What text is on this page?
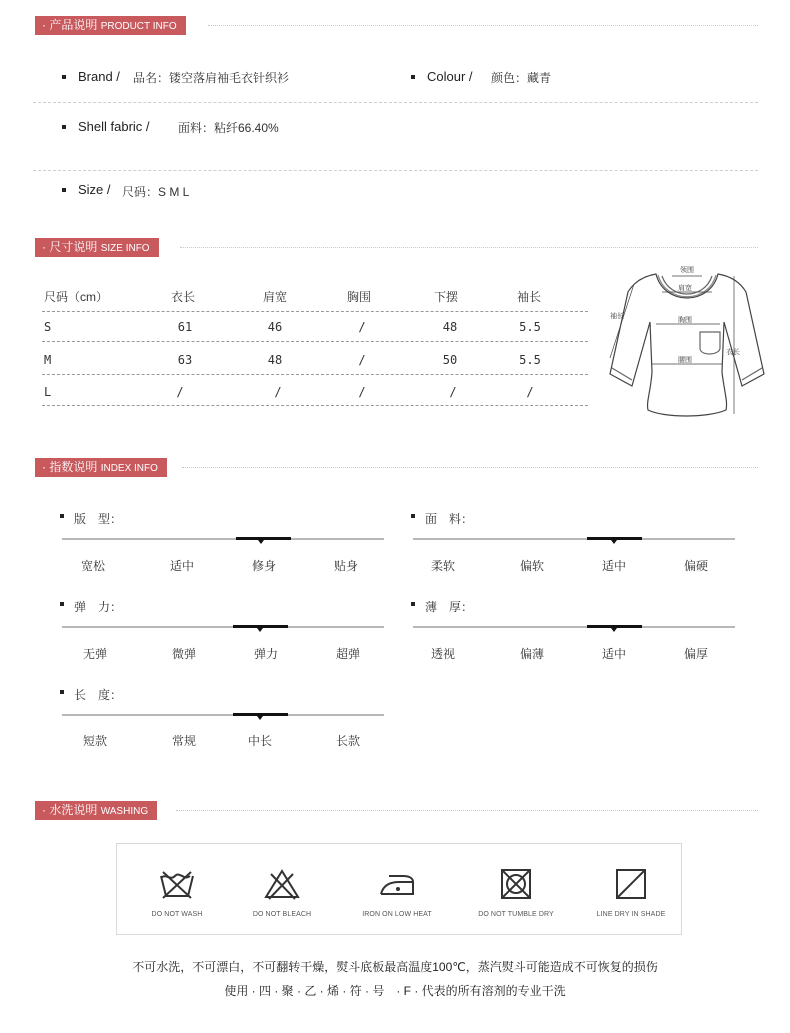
· 产品说明 PRODUCT INFO
Brand / 品名：镂空落肩袖毛衣针织衫	Colour / 颜色：藏青
Shell fabric / 面料：粘纤66.40%
Size / 尺码：S M L
· 尺寸说明 SIZE INFO
尺码（cm）	衣长	肩宽	胸围	下摆	袖长
S	61	46	/	48	5.5
M	63	48	/	50	5.5
L	/	/	/	/	/
领围
肩宽
胸围
袖长
衣长
腰围
· 指数说明 INDEX INFO
版　型：
宽松	适中	修身	贴身
面　料：
柔软	偏软	适中	偏硬
弹　力：
无弹	微弹	弹力	超弹
薄　厚：
透视	偏薄	适中	偏厚
长　度：
短款	常规	中长	长款
· 水洗说明 WASHING
DO NOT WASH	DO NOT BLEACH	IRON ON LOW HEAT	DO NOT TUMBLE DRY	LINE DRY IN SHADE
不可水洗，不可漂白，不可翻转干燥，熨斗底板最高温度100℃，蒸汽熨斗可能造成不可恢复的损伤
使用 · 四 · 聚 · 乙 · 烯 · 符 · 号　· F · 代表的所有溶剂的专业干洗
